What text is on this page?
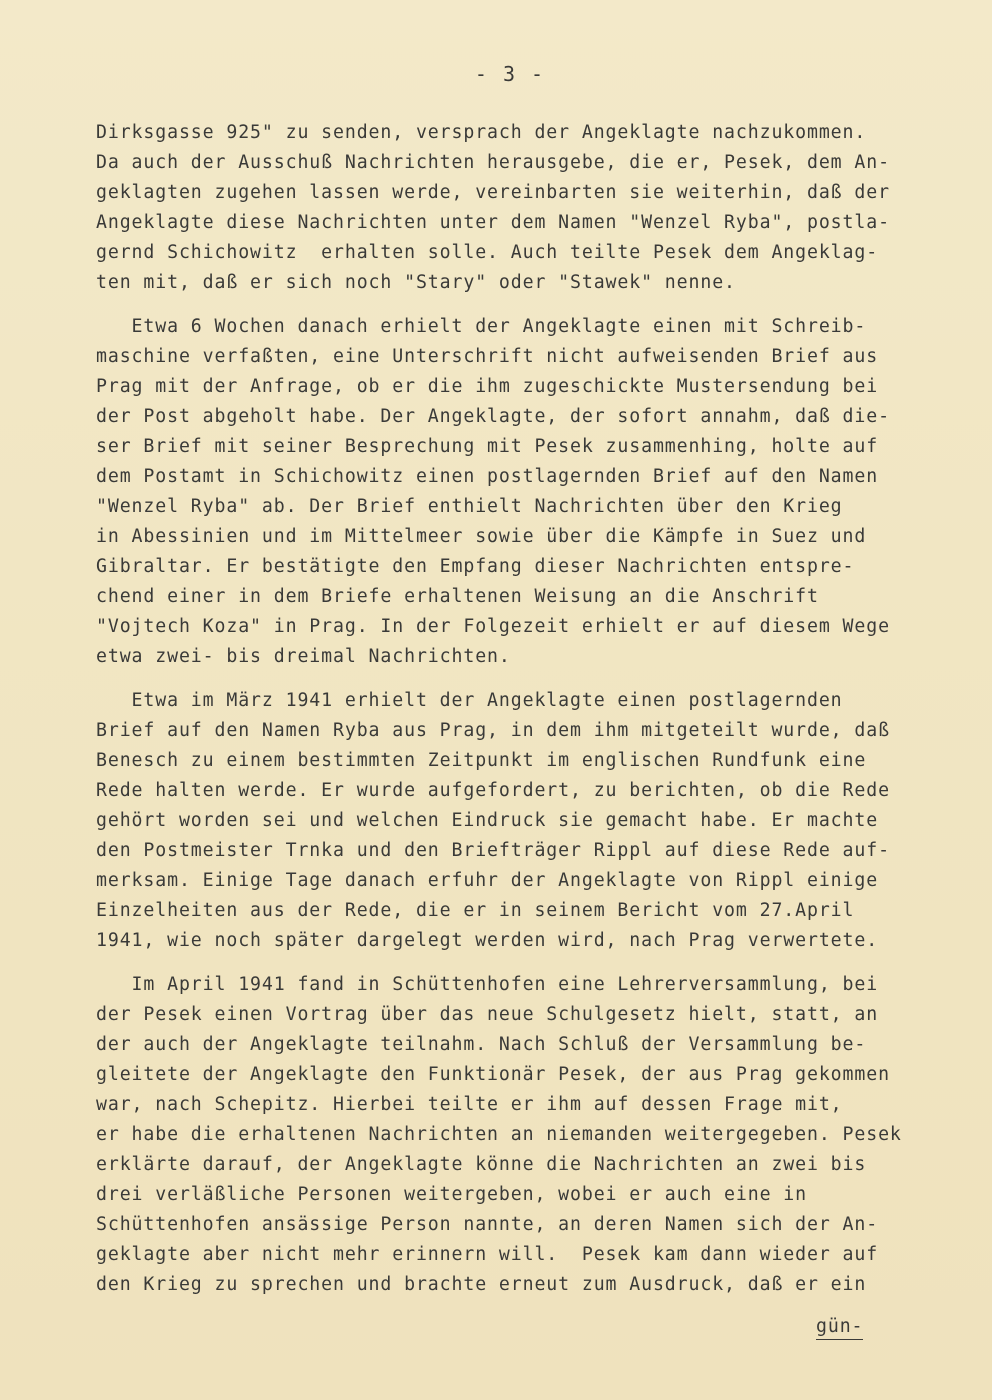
- 3 -
Dirksgasse 925" zu senden, versprach der Angeklagte nachzukommen.
Da auch der Ausschuß Nachrichten herausgebe, die er, Pesek, dem An-
geklagten zugehen lassen werde, vereinbarten sie weiterhin, daß der
Angeklagte diese Nachrichten unter dem Namen "Wenzel Ryba", postla-
gernd Schichowitz  erhalten solle. Auch teilte Pesek dem Angeklag-
ten mit, daß er sich noch "Stary" oder "Stawek" nenne.
Etwa 6 Wochen danach erhielt der Angeklagte einen mit Schreib-
maschine verfaßten, eine Unterschrift nicht aufweisenden Brief aus
Prag mit der Anfrage, ob er die ihm zugeschickte Mustersendung bei
der Post abgeholt habe. Der Angeklagte, der sofort annahm, daß die-
ser Brief mit seiner Besprechung mit Pesek zusammenhing, holte auf
dem Postamt in Schichowitz einen postlagernden Brief auf den Namen
"Wenzel Ryba" ab. Der Brief enthielt Nachrichten über den Krieg
in Abessinien und im Mittelmeer sowie über die Kämpfe in Suez und
Gibraltar. Er bestätigte den Empfang dieser Nachrichten entspre-
chend einer in dem Briefe erhaltenen Weisung an die Anschrift
"Vojtech Koza" in Prag. In der Folgezeit erhielt er auf diesem Wege
etwa zwei- bis dreimal Nachrichten.
Etwa im März 1941 erhielt der Angeklagte einen postlagernden
Brief auf den Namen Ryba aus Prag, in dem ihm mitgeteilt wurde, daß
Benesch zu einem bestimmten Zeitpunkt im englischen Rundfunk eine
Rede halten werde. Er wurde aufgefordert, zu berichten, ob die Rede
gehört worden sei und welchen Eindruck sie gemacht habe. Er machte
den Postmeister Trnka und den Briefträger Rippl auf diese Rede auf-
merksam. Einige Tage danach erfuhr der Angeklagte von Rippl einige
Einzelheiten aus der Rede, die er in seinem Bericht vom 27.April
1941, wie noch später dargelegt werden wird, nach Prag verwertete.
Im April 1941 fand in Schüttenhofen eine Lehrerversammlung, bei
der Pesek einen Vortrag über das neue Schulgesetz hielt, statt, an
der auch der Angeklagte teilnahm. Nach Schluß der Versammlung be-
gleitete der Angeklagte den Funktionär Pesek, der aus Prag gekommen
war, nach Schepitz. Hierbei teilte er ihm auf dessen Frage mit,
er habe die erhaltenen Nachrichten an niemanden weitergegeben. Pesek
erklärte darauf, der Angeklagte könne die Nachrichten an zwei bis
drei verläßliche Personen weitergeben, wobei er auch eine in
Schüttenhofen ansässige Person nannte, an deren Namen sich der An-
geklagte aber nicht mehr erinnern will.  Pesek kam dann wieder auf
den Krieg zu sprechen und brachte erneut zum Ausdruck, daß er ein
gün-
